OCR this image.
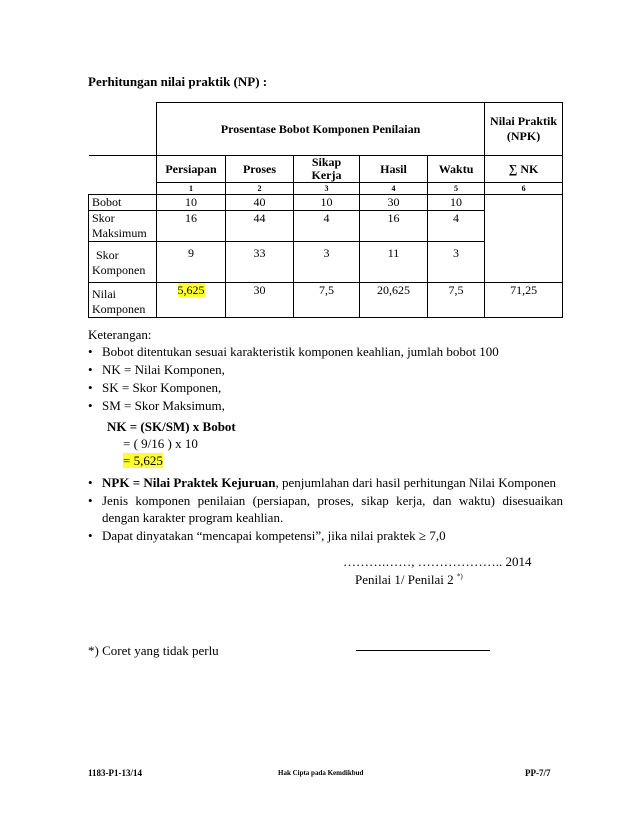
Perhitungan nilai praktik (NP) :
	Prosentase Bobot Komponen Penilaian					Nilai Praktik
(NPK)

	Persiapan	Proses	Sikap
Kerja	Hasil	Waktu	∑ NK
	1	2	3	4	5	6
Bobot	10	40	10	30	10	

Skor
Maksimum	16	44	4	16	4	

Skor
Komponen	9	33	3	11	3	

Nilai
Komponen	5,625	30	7,5	20,625	7,5	71,25
Keterangan:
• Bobot ditentukan sesuai karakteristik komponen keahlian, jumlah bobot 100
• NK = Nilai Komponen,
• SK = Skor Komponen,
• SM = Skor Maksimum,
NK = (SK/SM) x Bobot
= ( 9/16 ) x 10
= 5,625
• NPK = Nilai Praktek Kejuruan, penjumlahan dari hasil perhitungan Nilai Komponen
• Jenis komponen penilaian (persiapan, proses, sikap kerja, dan waktu) disesuaikan dengan karakter program keahlian.
• Dapat dinyatakan “mencapai kompetensi”, jika nilai praktek ≥ 7,0
……….……, ……………….. 2014
Penilai 1/ Penilai 2 *)
*) Coret yang tidak perlu
1183-P1-13/14	Hak Cipta pada Kemdikbud	PP-7/7
